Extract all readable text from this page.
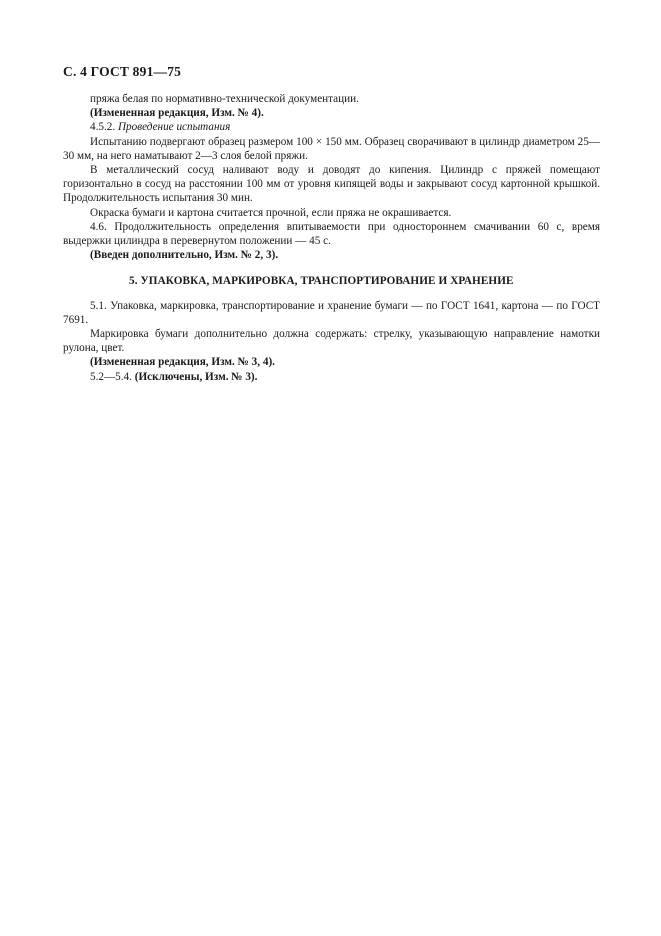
С. 4 ГОСТ 891—75

пряжа белая по нормативно-технической документации.

(Измененная редакция, Изм. № 4).

4.5.2. Проведение испытания

Испытанию подвергают образец размером 100 × 150 мм. Образец сворачивают в цилиндр диаметром 25—30 мм, на него наматывают 2—3 слоя белой пряжи.

В металлический сосуд наливают воду и доводят до кипения. Цилиндр с пряжей помещают горизонтально в сосуд на расстоянии 100 мм от уровня кипящей воды и закрывают сосуд картонной крышкой. Продолжительность испытания 30 мин.

Окраска бумаги и картона считается прочной, если пряжа не окрашивается.

4.6. Продолжительность определения впитываемости при одностороннем смачивании 60 с, время выдержки цилиндра в перевернутом положении — 45 с.

(Введен дополнительно, Изм. № 2, 3).

5. УПАКОВКА, МАРКИРОВКА, ТРАНСПОРТИРОВАНИЕ И ХРАНЕНИЕ

5.1. Упаковка, маркировка, транспортирование и хранение бумаги — по ГОСТ 1641, картона — по ГОСТ 7691.

Маркировка бумаги дополнительно должна содержать: стрелку, указывающую направление намотки рулона, цвет.

(Измененная редакция, Изм. № 3, 4).

5.2—5.4. (Исключены, Изм. № 3).
